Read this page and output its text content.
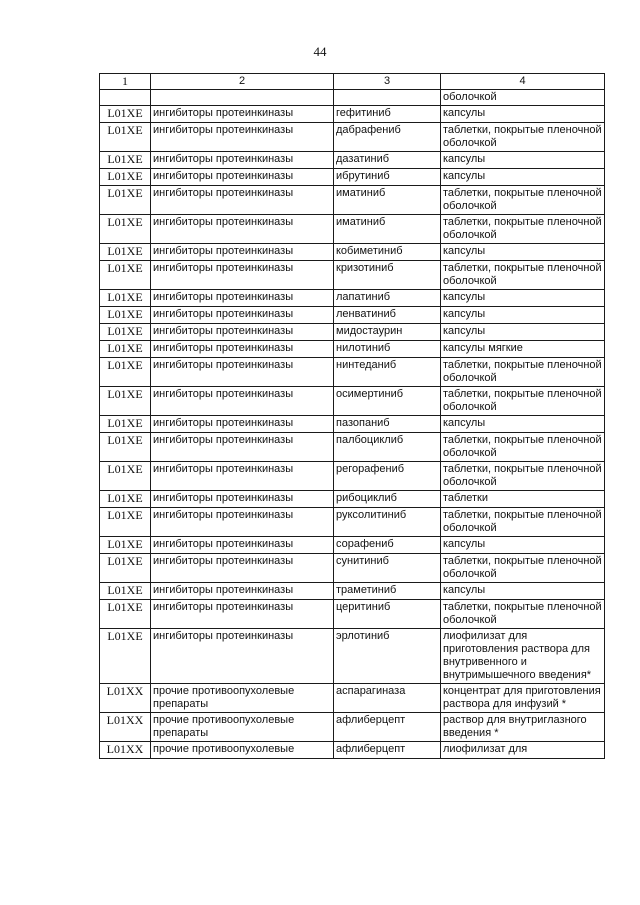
44
1	2	3	4
			оболочкой
L01XE	ингибиторы протеинкиназы	гефитиниб	капсулы
L01XE	ингибиторы протеинкиназы	дабрафениб	таблетки, покрытые пленочной оболочкой
L01XE	ингибиторы протеинкиназы	дазатиниб	капсулы
L01XE	ингибиторы протеинкиназы	ибрутиниб	капсулы
L01XE	ингибиторы протеинкиназы	иматиниб	таблетки, покрытые пленочной оболочкой
L01XE	ингибиторы протеинкиназы	иматиниб	таблетки, покрытые пленочной оболочкой
L01XE	ингибиторы протеинкиназы	кобиметиниб	капсулы
L01XE	ингибиторы протеинкиназы	кризотиниб	таблетки, покрытые пленочной оболочкой
L01XE	ингибиторы протеинкиназы	лапатиниб	капсулы
L01XE	ингибиторы протеинкиназы	ленватиниб	капсулы
L01XE	ингибиторы протеинкиназы	мидостаурин	капсулы
L01XE	ингибиторы протеинкиназы	нилотиниб	капсулы мягкие
L01XE	ингибиторы протеинкиназы	нинтеданиб	таблетки, покрытые пленочной оболочкой
L01XE	ингибиторы протеинкиназы	осимертиниб	таблетки, покрытые пленочной оболочкой
L01XE	ингибиторы протеинкиназы	пазопаниб	капсулы
L01XE	ингибиторы протеинкиназы	палбоциклиб	таблетки, покрытые пленочной оболочкой
L01XE	ингибиторы протеинкиназы	регорафениб	таблетки, покрытые пленочной оболочкой
L01XE	ингибиторы протеинкиназы	рибоциклиб	таблетки
L01XE	ингибиторы протеинкиназы	руксолитиниб	таблетки, покрытые пленочной оболочкой
L01XE	ингибиторы протеинкиназы	сорафениб	капсулы
L01XE	ингибиторы протеинкиназы	сунитиниб	таблетки, покрытые пленочной оболочкой
L01XE	ингибиторы протеинкиназы	траметиниб	капсулы
L01XE	ингибиторы протеинкиназы	церитиниб	таблетки, покрытые пленочной оболочкой
L01XE	ингибиторы протеинкиназы	эрлотиниб	лиофилизат для приготовления раствора для внутривенного и внутримышечного введения*
L01XX	прочие противоопухолевые препараты	аспарагиназа	концентрат для приготовления раствора для инфузий *
L01XX	прочие противоопухолевые препараты	афлиберцепт	раствор для внутриглазного введения *
L01XX	прочие противоопухолевые	афлиберцепт	лиофилизат для
